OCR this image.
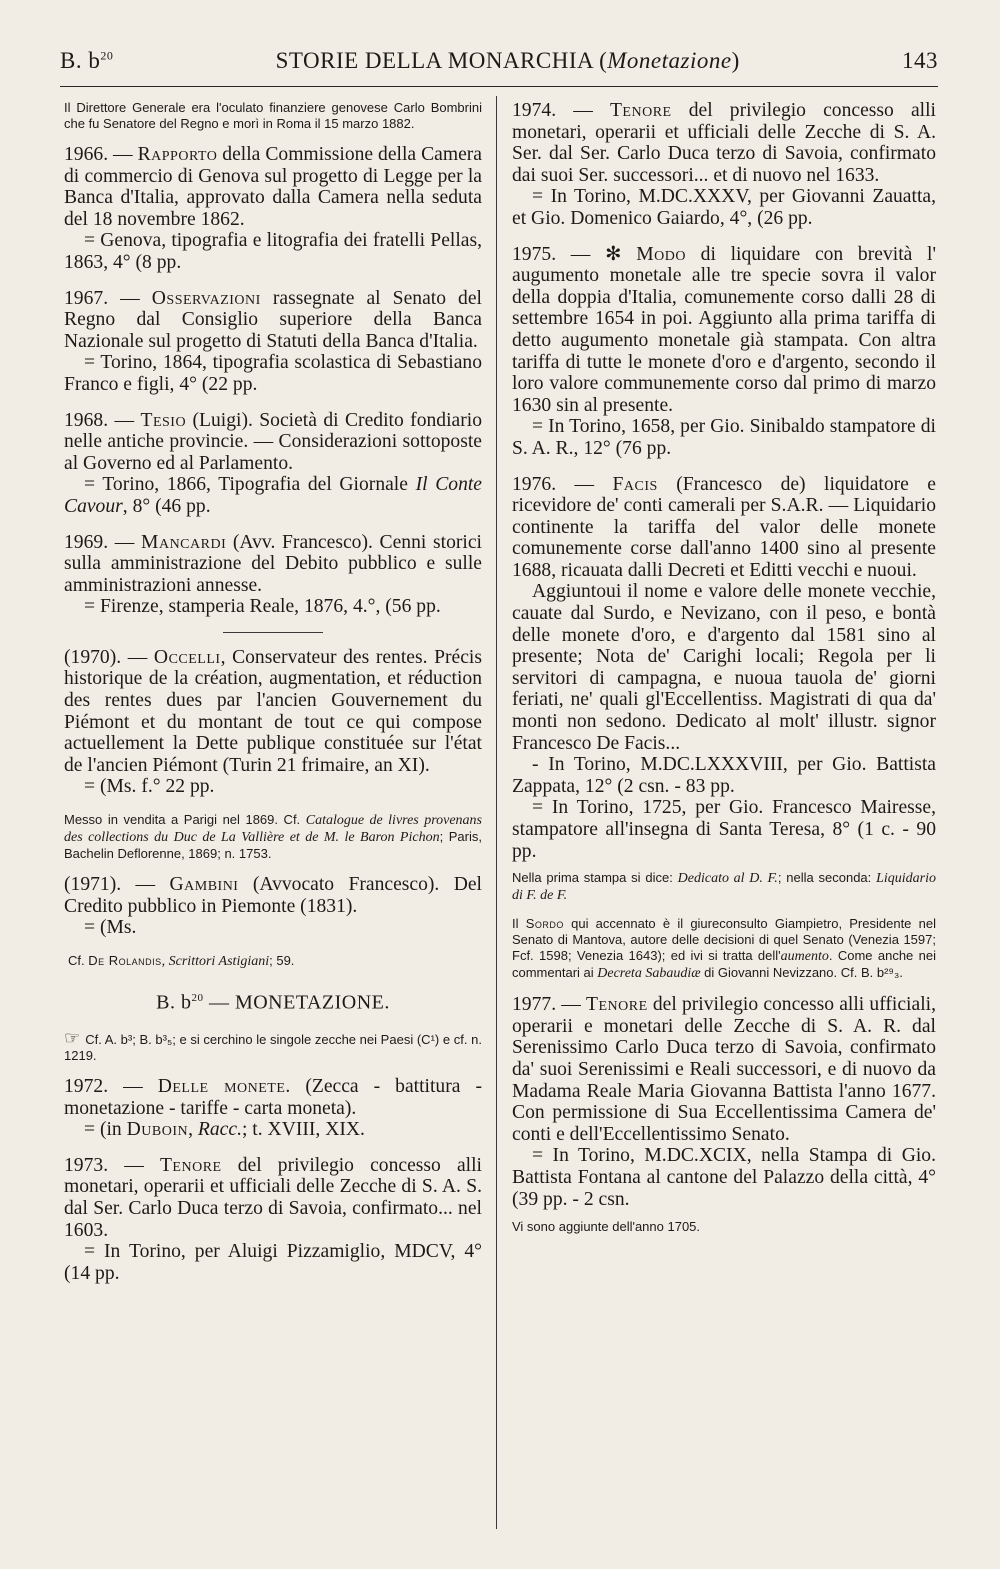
B. $b^{20}$	STORIE DELLA MONARCHIA (Monetazione)	143
Il Direttore Generale era l'oculato finanziere genovese Carlo Bombrini che fu Senatore del Regno e morì in Roma il 15 marzo 1882.

1966. — Rapporto della Commissione della Camera di commercio di Genova sul progetto di Legge per la Banca d'Italia, approvato dalla Camera nella seduta del 18 novembre 1862.

= Genova, tipografia e litografia dei fratelli Pellas, 1863, 4° (8 pp.

1967. — Osservazioni rassegnate al Senato del Regno dal Consiglio superiore della Banca Nazionale sul progetto di Statuti della Banca d'Italia.

= Torino, 1864, tipografia scolastica di Sebastiano Franco e figli, 4° (22 pp.

1968. — Tesio (Luigi). Società di Credito fondiario nelle antiche provincie. — Considerazioni sottoposte al Governo ed al Parlamento.

= Torino, 1866, Tipografia del Giornale Il Conte Cavour, 8° (46 pp.

1969. — Mancardi (Avv. Francesco). Cenni storici sulla amministrazione del Debito pubblico e sulle amministrazioni annesse.

= Firenze, stamperia Reale, 1876, 4.°, (56 pp.

(1970). — Occelli, Conservateur des rentes. Précis historique de la création, augmentation, et réduction des rentes dues par l'ancien Gouvernement du Piémont et du montant de tout ce qui compose actuellement la Dette publique constituée sur l'état de l'ancien Piémont (Turin 21 frimaire, an XI).

= (Ms. f.° 22 pp.

Messo in vendita a Parigi nel 1869. Cf. Catalogue de livres provenans des collections du Duc de La Vallière et de M. le Baron Pichon; Paris, Bachelin Deflorenne, 1869; n. 1753.

(1971). — Gambini (Avvocato Francesco). Del Credito pubblico in Piemonte (1831).

= (Ms.

Cf. De Rolandis, Scrittori Astigiani; 59.
B. $b^{20}$ — MONETAZIONE.
☞ Cf. A. b³; B. b³₅; e si cerchino le singole zecche nei Paesi (C¹) e cf. n. 1219.

1972. — Delle monete. (Zecca - battitura - monetazione - tariffe - carta moneta).

= (in Duboin, Racc.; t. XVIII, XIX.

1973. — Tenore del privilegio concesso alli monetari, operarii et ufficiali delle Zecche di S. A. S. dal Ser. Carlo Duca terzo di Savoia, confirmato... nel 1603.

= In Torino, per Aluigi Pizzamiglio, MDCV, 4° (14 pp.

1974. — Tenore del privilegio concesso alli monetari, operarii et ufficiali delle Zecche di S. A. Ser. dal Ser. Carlo Duca terzo di Savoia, confirmato dai suoi Ser. successori... et di nuovo nel 1633.

= In Torino, M.DC.XXXV, per Giovanni Zauatta, et Gio. Domenico Gaiardo, 4°, (26 pp.

1975. — ✻ Modo di liquidare con brevità l' augumento monetale alle tre specie sovra il valor della doppia d'Italia, comunemente corso dalli 28 di settembre 1654 in poi. Aggiunto alla prima tariffa di detto augumento monetale già stampata. Con altra tariffa di tutte le monete d'oro e d'argento, secondo il loro valore communemente corso dal primo di marzo 1630 sin al presente.

= In Torino, 1658, per Gio. Sinibaldo stampatore di S. A. R., 12° (76 pp.

1976. — Facis (Francesco de) liquidatore e ricevidore de' conti camerali per S.A.R. — Liquidario continente la tariffa del valor delle monete comunemente corse dall'anno 1400 sino al presente 1688, ricauata dalli Decreti et Editti vecchi e nuoui.

Aggiuntoui il nome e valore delle monete vecchie, cauate dal Surdo, e Nevizano, con il peso, e bontà delle monete d'oro, e d'argento dal 1581 sino al presente; Nota de' Carighi locali; Regola per li servitori di campagna, e nuoua tauola de' giorni feriati, ne' quali gl'Eccellentiss. Magistrati di qua da' monti non sedono. Dedicato al molt' illustr. signor Francesco De Facis...

- In Torino, M.DC.LXXXVIII, per Gio. Battista Zappata, 12° (2 csn. - 83 pp.

= In Torino, 1725, per Gio. Francesco Mairesse, stampatore all'insegna di Santa Teresa, 8° (1 c. - 90 pp.

Nella prima stampa si dice: Dedicato al D. F.; nella seconda: Liquidario di F. de F.
Il Sordo qui accennato è il giureconsulto Giampietro, Presidente nel Senato di Mantova, autore delle decisioni di quel Senato (Venezia 1597; Fcf. 1598; Venezia 1643); ed ivi si tratta dell'aumento. Come anche nei commentari ai Decreta Sabaudiæ di Giovanni Nevizzano. Cf. B. b²⁹₃.

1977. — Tenore del privilegio concesso alli ufficiali, operarii e monetari delle Zecche di S. A. R. dal Serenissimo Carlo Duca terzo di Savoia, confirmato da' suoi Serenissimi e Reali successori, e di nuovo da Madama Reale Maria Giovanna Battista l'anno 1677. Con permissione di Sua Eccellentissima Camera de' conti e dell'Eccellentissimo Senato.

= In Torino, M.DC.XCIX, nella Stampa di Gio. Battista Fontana al cantone del Palazzo della città, 4° (39 pp. - 2 csn.

Vi sono aggiunte dell'anno 1705.
